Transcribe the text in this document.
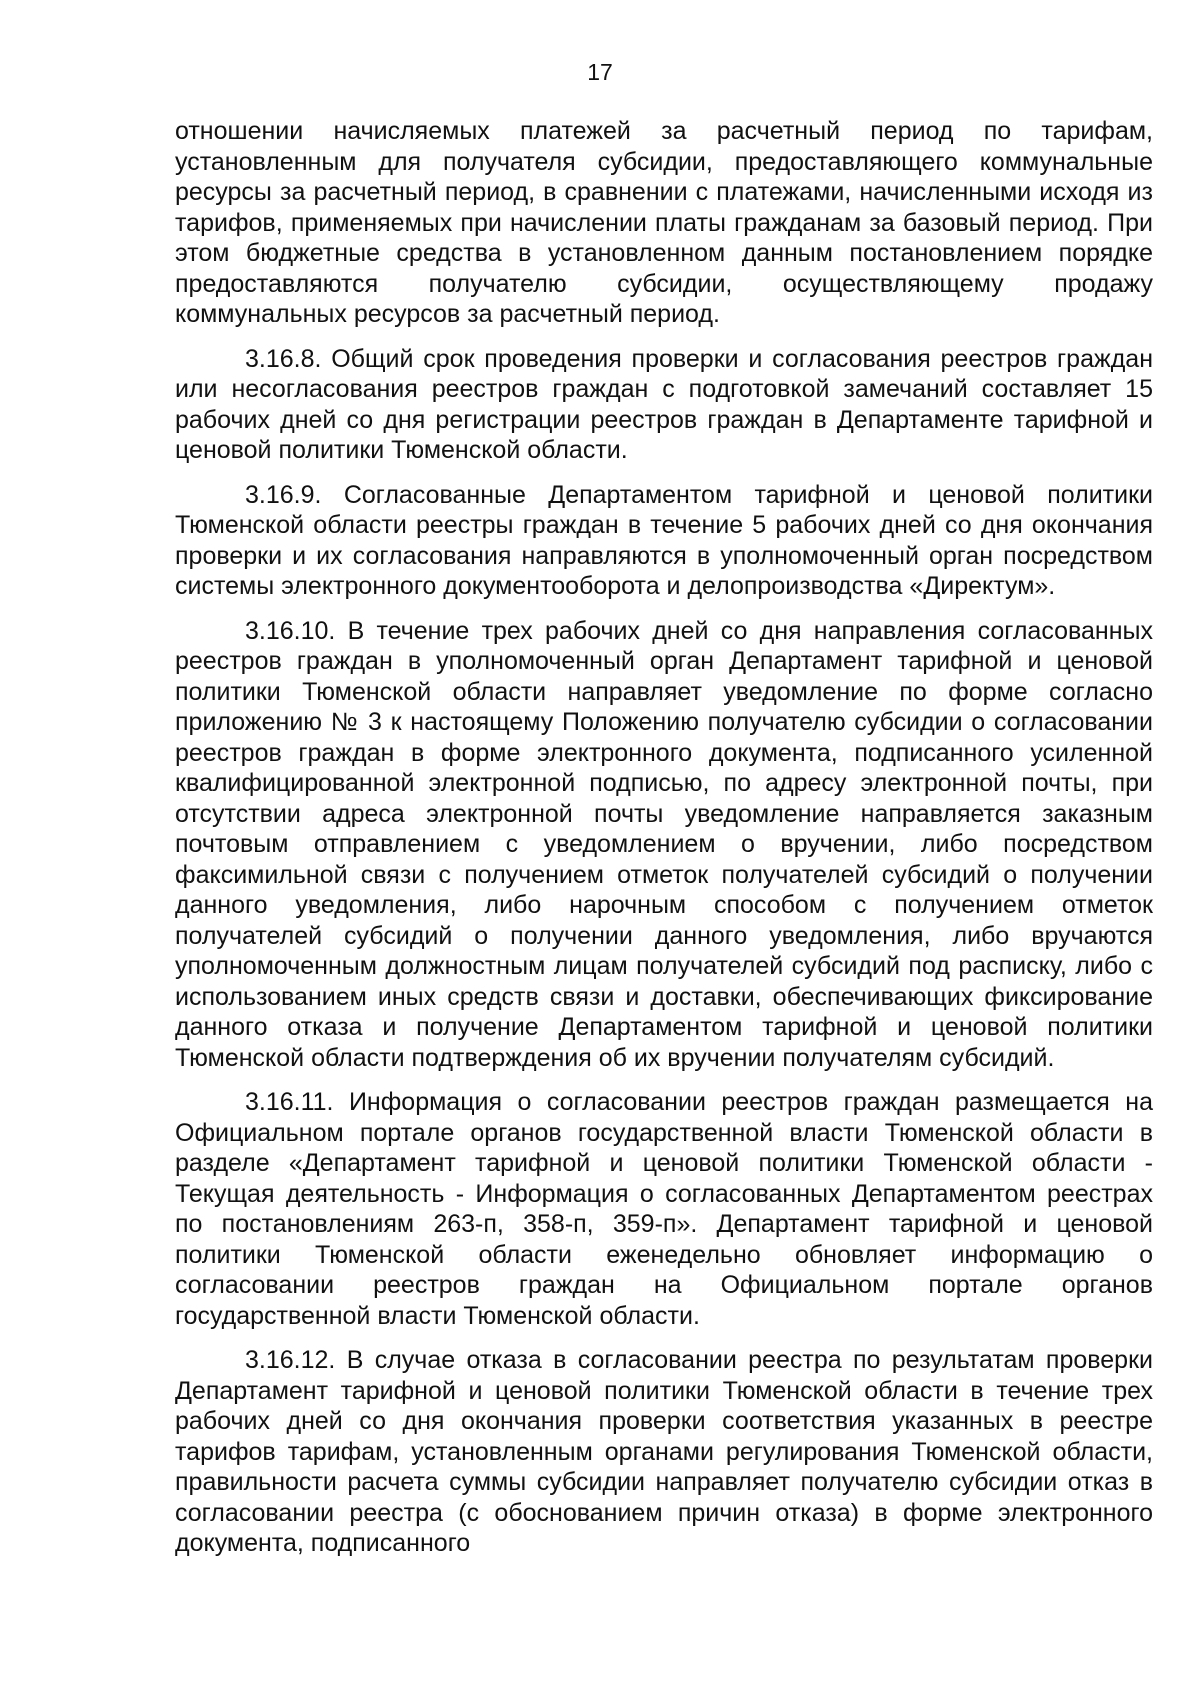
17

отношении начисляемых платежей за расчетный период по тарифам, установленным для получателя субсидии, предоставляющего коммунальные ресурсы за расчетный период, в сравнении с платежами, начисленными исходя из тарифов, применяемых при начислении платы гражданам за базовый период. При этом бюджетные средства в установленном данным постановлением порядке предоставляются получателю субсидии, осуществляющему продажу коммунальных ресурсов за расчетный период.

3.16.8. Общий срок проведения проверки и согласования реестров граждан или несогласования реестров граждан с подготовкой замечаний составляет 15 рабочих дней со дня регистрации реестров граждан в Департаменте тарифной и ценовой политики Тюменской области.

3.16.9. Согласованные Департаментом тарифной и ценовой политики Тюменской области реестры граждан в течение 5 рабочих дней со дня окончания проверки и их согласования направляются в уполномоченный орган посредством системы электронного документооборота и делопроизводства «Директум».

3.16.10. В течение трех рабочих дней со дня направления согласованных реестров граждан в уполномоченный орган Департамент тарифной и ценовой политики Тюменской области направляет уведомление по форме согласно приложению № 3 к настоящему Положению получателю субсидии о согласовании реестров граждан в форме электронного документа, подписанного усиленной квалифицированной электронной подписью, по адресу электронной почты, при отсутствии адреса электронной почты уведомление направляется заказным почтовым отправлением с уведомлением о вручении, либо посредством факсимильной связи с получением отметок получателей субсидий о получении данного уведомления, либо нарочным способом с получением отметок получателей субсидий о получении данного уведомления, либо вручаются уполномоченным должностным лицам получателей субсидий под расписку, либо с использованием иных средств связи и доставки, обеспечивающих фиксирование данного отказа и получение Департаментом тарифной и ценовой политики Тюменской области подтверждения об их вручении получателям субсидий.

3.16.11. Информация о согласовании реестров граждан размещается на Официальном портале органов государственной власти Тюменской области в разделе «Департамент тарифной и ценовой политики Тюменской области - Текущая деятельность - Информация о согласованных Департаментом реестрах по постановлениям 263-п, 358-п, 359-п». Департамент тарифной и ценовой политики Тюменской области еженедельно обновляет информацию о согласовании реестров граждан на Официальном портале органов государственной власти Тюменской области.

3.16.12. В случае отказа в согласовании реестра по результатам проверки Департамент тарифной и ценовой политики Тюменской области в течение трех рабочих дней со дня окончания проверки соответствия указанных в реестре тарифов тарифам, установленным органами регулирования Тюменской области, правильности расчета суммы субсидии направляет получателю субсидии отказ в согласовании реестра (с обоснованием причин отказа) в форме электронного документа, подписанного
